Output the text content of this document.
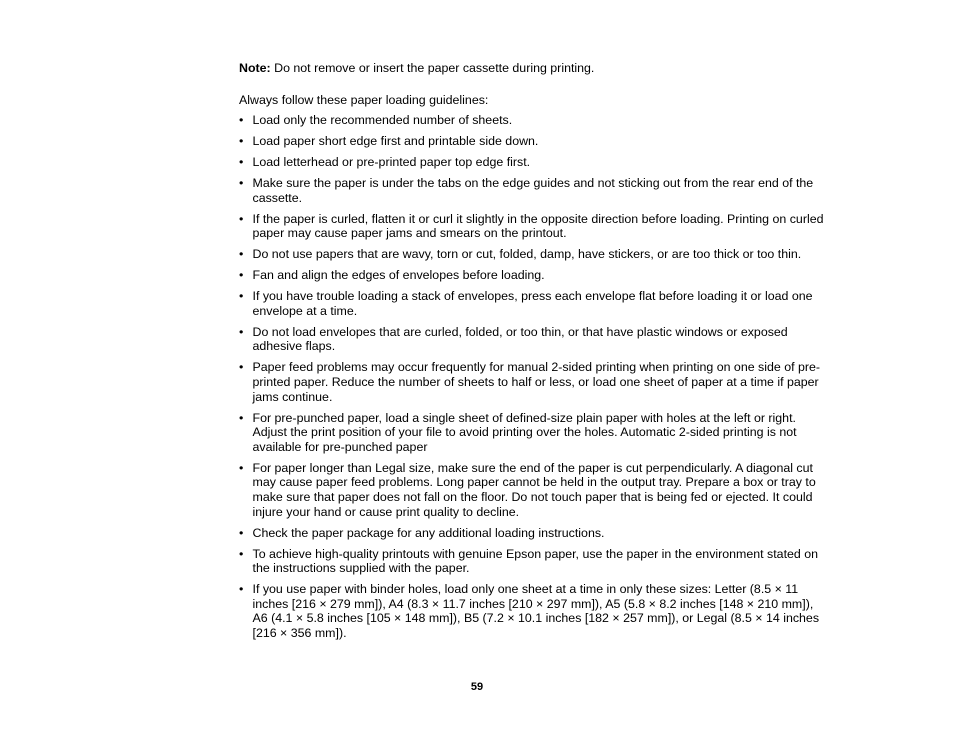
Note: Do not remove or insert the paper cassette during printing.

Always follow these paper loading guidelines:

• Load only the recommended number of sheets.
• Load paper short edge first and printable side down.
• Load letterhead or pre-printed paper top edge first.
• Make sure the paper is under the tabs on the edge guides and not sticking out from the rear end of the cassette.
• If the paper is curled, flatten it or curl it slightly in the opposite direction before loading. Printing on curled paper may cause paper jams and smears on the printout.
• Do not use papers that are wavy, torn or cut, folded, damp, have stickers, or are too thick or too thin.
• Fan and align the edges of envelopes before loading.
• If you have trouble loading a stack of envelopes, press each envelope flat before loading it or load one envelope at a time.
• Do not load envelopes that are curled, folded, or too thin, or that have plastic windows or exposed adhesive flaps.
• Paper feed problems may occur frequently for manual 2-sided printing when printing on one side of pre-printed paper. Reduce the number of sheets to half or less, or load one sheet of paper at a time if paper jams continue.
• For pre-punched paper, load a single sheet of defined-size plain paper with holes at the left or right. Adjust the print position of your file to avoid printing over the holes. Automatic 2-sided printing is not available for pre-punched paper
• For paper longer than Legal size, make sure the end of the paper is cut perpendicularly. A diagonal cut may cause paper feed problems. Long paper cannot be held in the output tray. Prepare a box or tray to make sure that paper does not fall on the floor. Do not touch paper that is being fed or ejected. It could injure your hand or cause print quality to decline.
• Check the paper package for any additional loading instructions.
• To achieve high-quality printouts with genuine Epson paper, use the paper in the environment stated on the instructions supplied with the paper.
• If you use paper with binder holes, load only one sheet at a time in only these sizes: Letter (8.5 × 11 inches [216 × 279 mm]), A4 (8.3 × 11.7 inches [210 × 297 mm]), A5 (5.8 × 8.2 inches [148 × 210 mm]), A6 (4.1 × 5.8 inches [105 × 148 mm]), B5 (7.2 × 10.1 inches [182 × 257 mm]), or Legal (8.5 × 14 inches [216 × 356 mm]).
59
